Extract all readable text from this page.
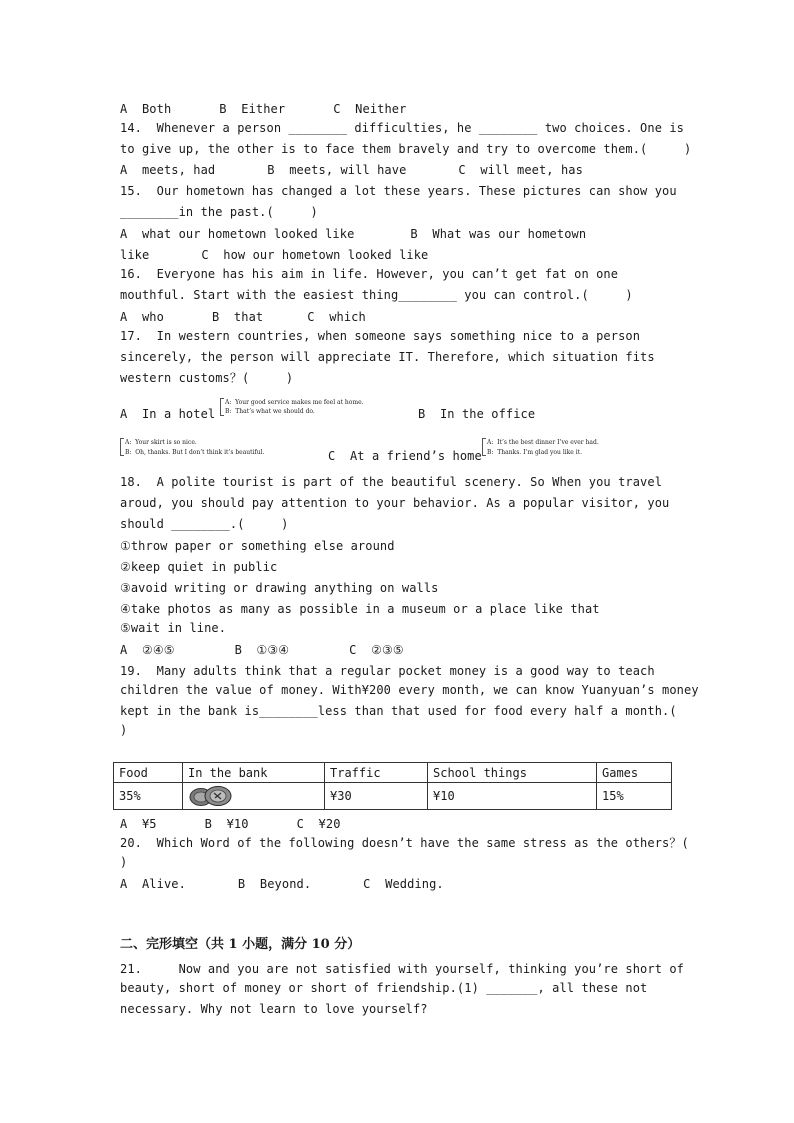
A  Both	B  Either	C  Neither
14.  Whenever a person ________ difficulties, he ________ two choices. One is
to give up, the other is to face them bravely and try to overcome them.(     )
A  meets, had	B  meets, will have	C  will meet, has
15.  Our hometown has changed a lot these years. These pictures can show you
________in the past.(     )
A  what our hometown looked like	B  What was our hometown
like	C  how our hometown looked like
16.  Everyone has his aim in life. However, you can’t get fat on one
mouthful. Start with the easiest thing________ you can control.(     )
A  who	B  that	C  which
17.  In western countries, when someone says something nice to a person
sincerely, the person will appreciate IT. Therefore, which situation fits
western customs？(     )
A  In a hotel
A:  Your good service makes me feel at home.
B:  That’s what we should do.	B  In the office
A:  Your skirt is so nice.
B:  Oh, thanks. But I don’t think it’s beautiful.	C  At a friend’s home
A:  It’s the best dinner I’ve ever had.
B:  Thanks. I’m glad you like it.
18.  A polite tourist is part of the beautiful scenery. So When you travel
aroud, you should pay attention to your behavior. As a popular visitor, you
should ________.(     )
①throw paper or something else around
②keep quiet in public
③avoid writing or drawing anything on walls
④take photos as many as possible in a museum or a place like that
⑤wait in line.
A  ②④⑤	B  ①③④	C  ②③⑤
19.  Many adults think that a regular pocket money is a good way to teach
children the value of money. With¥200 every month, we can know Yuanyuan’s money
kept in the bank is________less than that used for food every half a month.(
)
Food	In the bank	Traffic	School things	Games
35%		¥30	¥10	15%
A  ¥5	B  ¥10	C  ¥20
20.  Which Word of the following doesn’t have the same stress as the others？(
)
A  Alive.	B  Beyond.	C  Wedding.
二、完形填空（共 1 小题，满分 10 分）
21.     Now and you are not satisfied with yourself, thinking you’re short of
beauty, short of money or short of friendship.(1) _______, all these not
necessary. Why not learn to love yourself?
